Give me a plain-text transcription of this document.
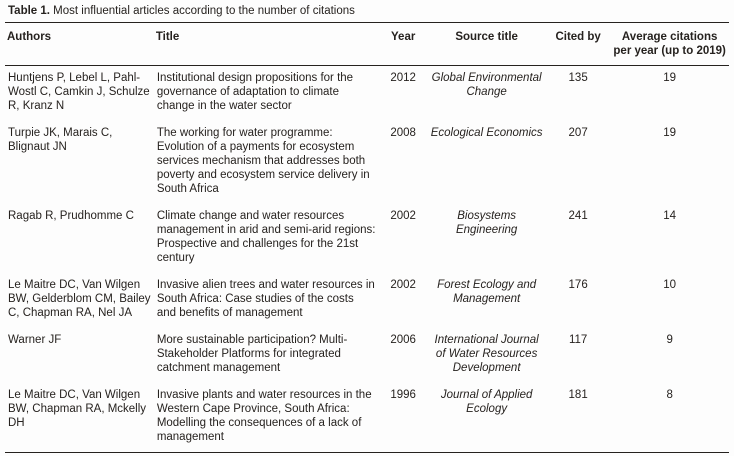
Table 1. Most influential articles according to the number of citations
Authors	Title	Year	Source title	Cited by	Average citations per year (up to 2019)
Huntjens P, Lebel L, Pahl-Wostl C, Camkin J, Schulze R, Kranz N	Institutional design propositions for the governance of adaptation to climate change in the water sector	2012	Global Environmental Change	135	19
Turpie JK, Marais C, Blignaut JN	The working for water programme: Evolution of a payments for ecosystem services mechanism that addresses both poverty and ecosystem service delivery in South Africa	2008	Ecological Economics	207	19
Ragab R, Prudhomme C	Climate change and water resources management in arid and semi-arid regions: Prospective and challenges for the 21st century	2002	Biosystems Engineering	241	14
Le Maitre DC, Van Wilgen BW, Gelderblom CM, Bailey C, Chapman RA, Nel JA	Invasive alien trees and water resources in South Africa: Case studies of the costs and benefits of management	2002	Forest Ecology and Management	176	10
Warner JF	More sustainable participation? Multi-Stakeholder Platforms for integrated catchment management	2006	International Journal of Water Resources Development	117	9
Le Maitre DC, Van Wilgen BW, Chapman RA, Mckelly DH	Invasive plants and water resources in the Western Cape Province, South Africa: Modelling the consequences of a lack of management	1996	Journal of Applied Ecology	181	8
